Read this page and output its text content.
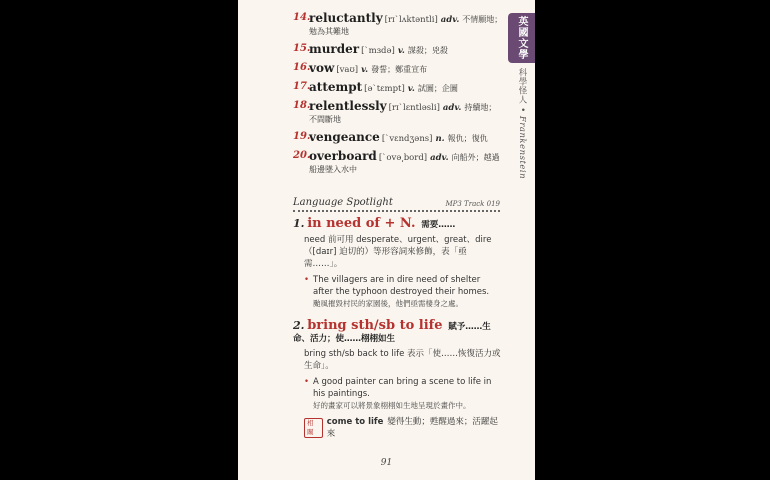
英國文學
科學怪人 • Frankenstein
14.
reluctantly [rɪˋlʌktəntli] adv. 不情願地；勉為其難地
15.
murder [ˋmɜdə] v. 謀殺；兇殺
16.
vow [vaʊ] v. 發誓；鄭重宣布
17.
attempt [əˋtɛmpt] v. 試圖；企圖
18.
relentlessly [rɪˋlɛntləsli] adv. 持續地；不間斷地
19.
vengeance [ˋvɛndʒəns] n. 報仇；復仇
20.
overboard [ˋovə͵bord] adv. 向船外；越過船邊墜入水中
Language Spotlight	MP3 Track 019
1. in need of + N. 需要……
need 前可用 desperate、urgent、great、dire（[daɪr] 迫切的）等形容詞來修飾，表「亟需……」。
• The villagers are in dire need of shelter after the typhoon destroyed their homes.
颱風摧毀村民的家園後，他們亟需棲身之處。
2. bring sth/sb to life 賦予……生命、活力；使……栩栩如生
bring sth/sb back to life 表示「使……恢復活力或生命」。
• A good painter can bring a scene to life in his paintings.
好的畫家可以將景象栩栩如生地呈現於畫作中。
相關
come to life 變得生動；甦醒過來；活躍起來
91
